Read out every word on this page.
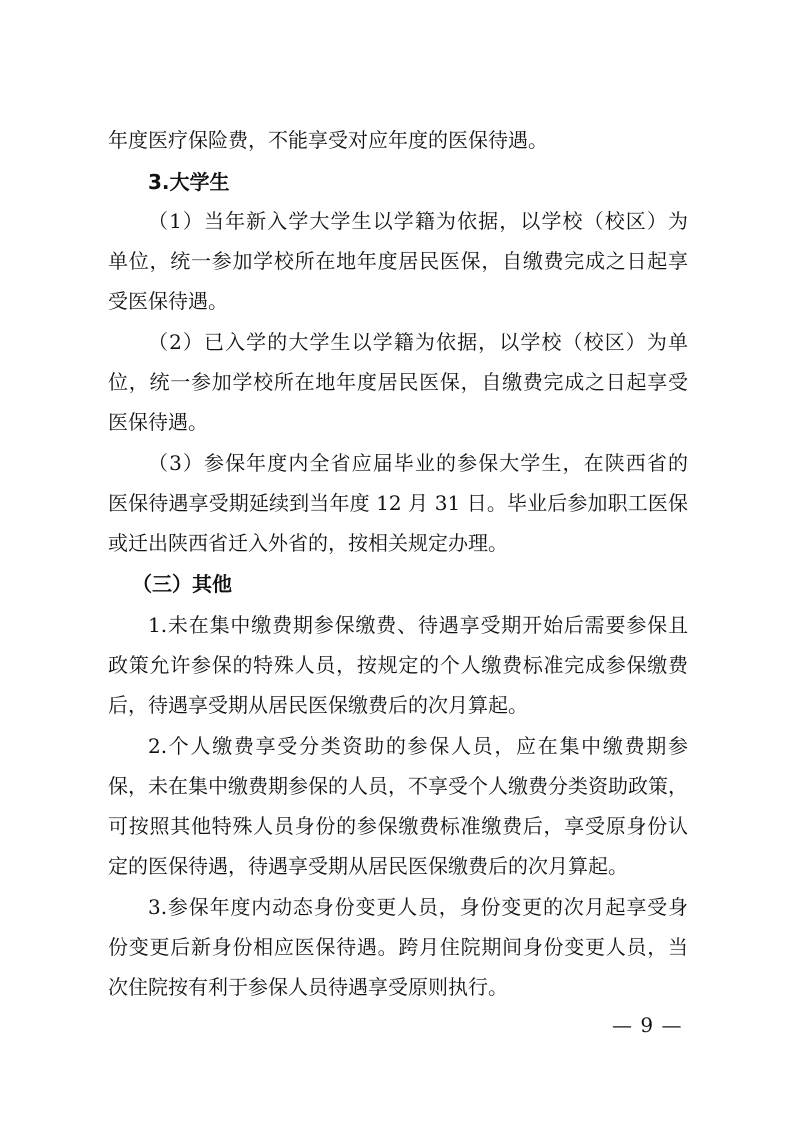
年度医疗保险费，不能享受对应年度的医保待遇。
3.大学生
（1）当年新入学大学生以学籍为依据，以学校（校区）为
单位，统一参加学校所在地年度居民医保，自缴费完成之日起享
受医保待遇。
（2）已入学的大学生以学籍为依据，以学校（校区）为单
位，统一参加学校所在地年度居民医保，自缴费完成之日起享受
医保待遇。
（3）参保年度内全省应届毕业的参保大学生，在陕西省的
医保待遇享受期延续到当年度 12 月 31 日。毕业后参加职工医保
或迁出陕西省迁入外省的，按相关规定办理。
（三）其他
1.未在集中缴费期参保缴费、待遇享受期开始后需要参保且
政策允许参保的特殊人员，按规定的个人缴费标准完成参保缴费
后，待遇享受期从居民医保缴费后的次月算起。
2.个人缴费享受分类资助的参保人员，应在集中缴费期参
保，未在集中缴费期参保的人员，不享受个人缴费分类资助政策，
可按照其他特殊人员身份的参保缴费标准缴费后，享受原身份认
定的医保待遇，待遇享受期从居民医保缴费后的次月算起。
3.参保年度内动态身份变更人员，身份变更的次月起享受身
份变更后新身份相应医保待遇。跨月住院期间身份变更人员，当
次住院按有利于参保人员待遇享受原则执行。
— 9 —
